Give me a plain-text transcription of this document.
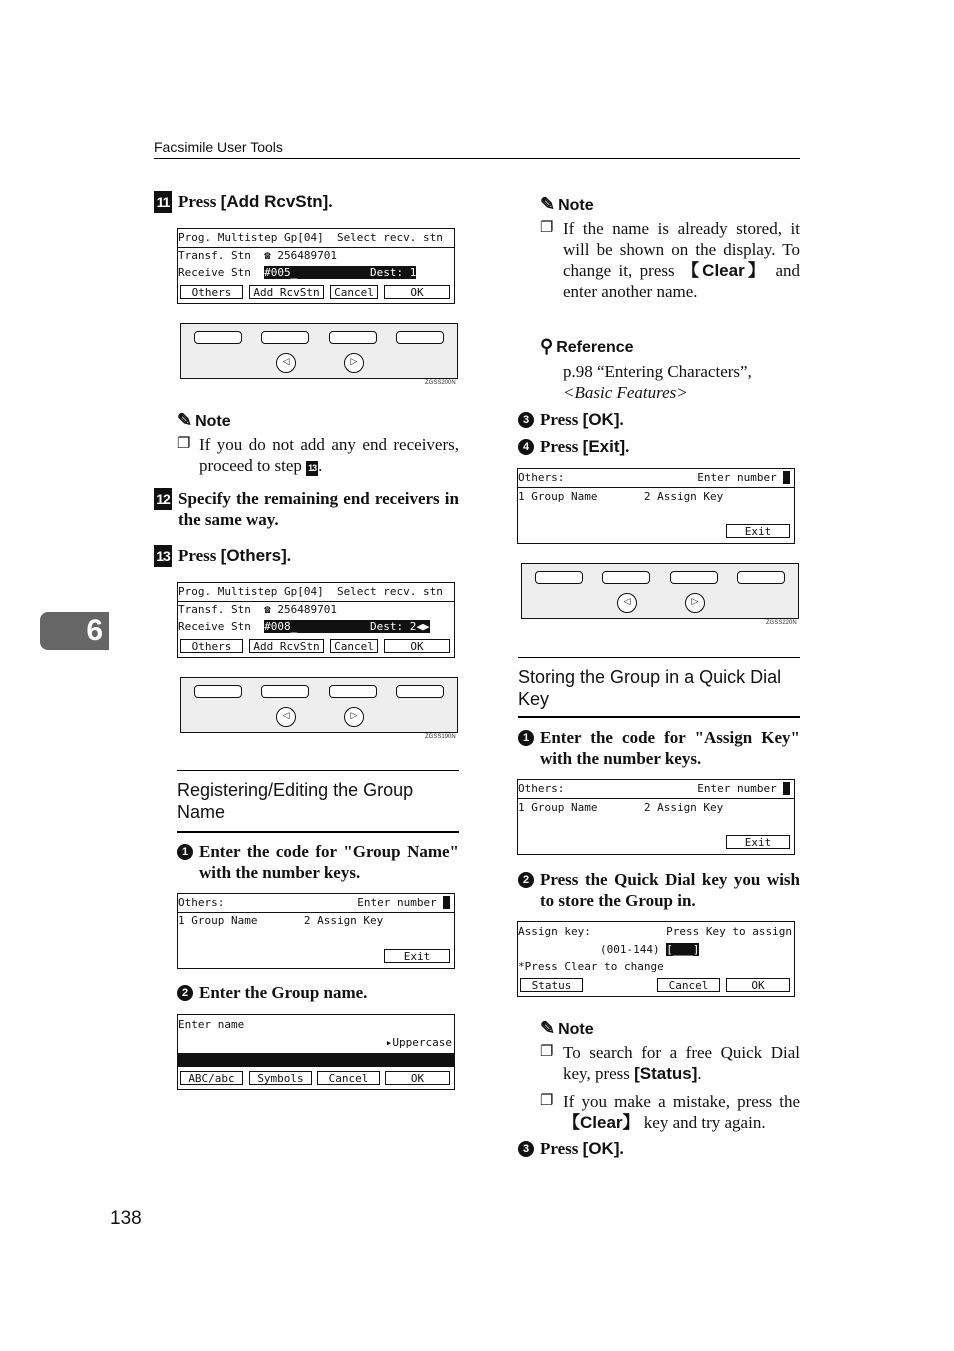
Facsimile User Tools
6
138
11 Press [Add RcvStn].
Prog. Multistep Gp[04]  Select recv. stn
Transf. Stn  ☎ 256489701
Receive Stn  #005_           Dest: 1
Others	Add RcvStn	Cancel	OK
◁	▷
ZGSS200N
✎ Note
❐ If you do not add any end receivers, proceed to step 13 .
12 Specify the remaining end receivers in the same way.
13 Press [Others].
Prog. Multistep Gp[04]  Select recv. stn
Transf. Stn  ☎ 256489701
Receive Stn  #008_           Dest: 2◀▶
Others	Add RcvStn	Cancel	OK
◁	▷
ZGSS190N
Registering/Editing the Group Name
1 Enter the code for "Group Name" with the number keys.
Others:	Enter number
1 Group Name       2 Assign Key
Exit
2 Enter the Group name.
Enter name
▸Uppercase
ABC/abc	Symbols	Cancel	OK
✎ Note
❐ If the name is already stored, it will be shown on the display. To change it, press 【Clear】 and enter another name.
⚲ Reference
p.98 “Entering Characters”,
<Basic Features>
3 Press [OK].
4 Press [Exit].
Others:	Enter number
1 Group Name       2 Assign Key
Exit
◁	▷
ZGSS220N
Storing the Group in a Quick Dial Key
1 Enter the code for "Assign Key" with the number keys.
Others:	Enter number
1 Group Name       2 Assign Key
Exit
2 Press the Quick Dial key you wish to store the Group in.
Assign key:	Press Key to assign
(001-144) [___]
*Press Clear to change
Status	Cancel	OK
✎ Note
❐ To search for a free Quick Dial key, press [Status].
❐ If you make a mistake, press the 【Clear】 key and try again.
3 Press [OK].
